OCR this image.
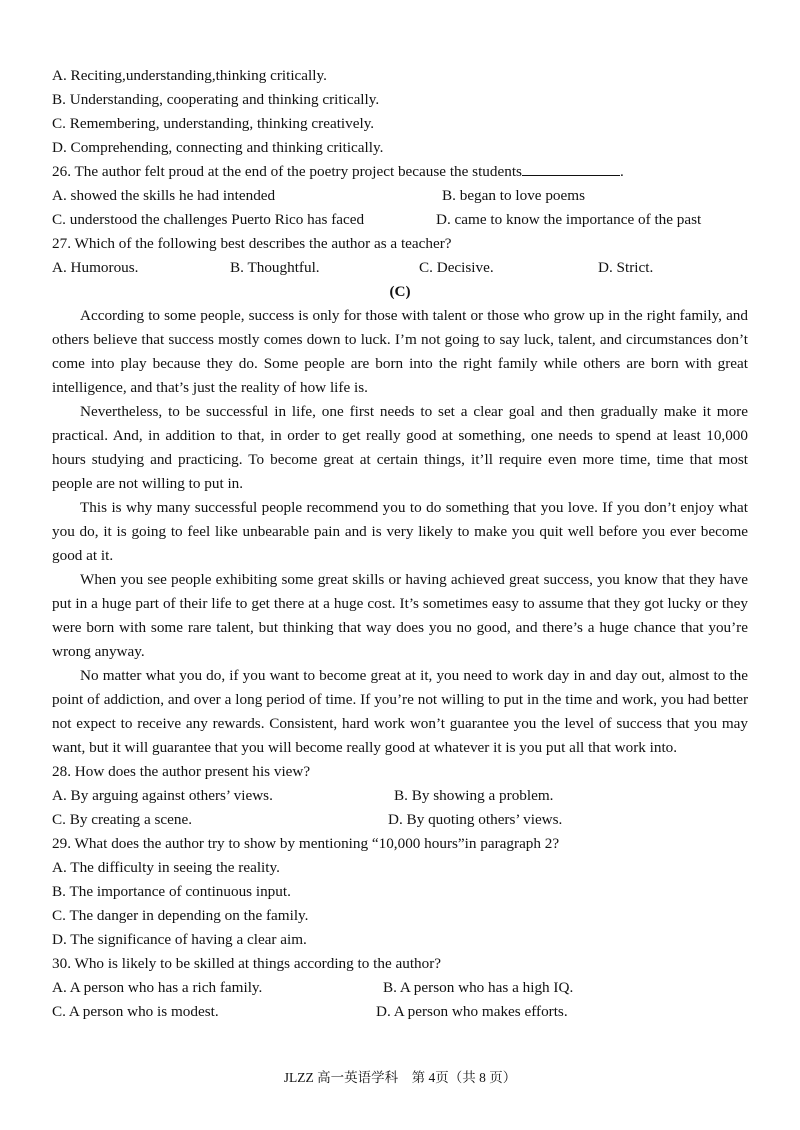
A. Reciting,understanding,thinking critically.
B. Understanding, cooperating and thinking critically.
C. Remembering, understanding, thinking creatively.
D. Comprehending, connecting and thinking critically.
26. The author felt proud at the end of the poetry project because the students	.
A. showed the skills he had intended	B. began to love poems
C. understood the challenges Puerto Rico has faced	D. came to know the importance of the past
27. Which of the following best describes the author as a teacher?
A. Humorous.	B. Thoughtful.	C. Decisive.	D. Strict.
(C)
According to some people, success is only for those with talent or those who grow up in the right family, and others believe that success mostly comes down to luck. I’m not going to say luck, talent, and circumstances don’t come into play because they do. Some people are born into the right family while others are born with great intelligence, and that’s just the reality of how life is.
Nevertheless, to be successful in life, one first needs to set a clear goal and then gradually make it more practical. And, in addition to that, in order to get really good at something, one needs to spend at least 10,000 hours studying and practicing. To become great at certain things, it’ll require even more time, time that most people are not willing to put in.
This is why many successful people recommend you to do something that you love. If you don’t enjoy what you do, it is going to feel like unbearable pain and is very likely to make you quit well before you ever become good at it.
When you see people exhibiting some great skills or having achieved great success, you know that they have put in a huge part of their life to get there at a huge cost. It’s sometimes easy to assume that they got lucky or they were born with some rare talent, but thinking that way does you no good, and there’s a huge chance that you’re wrong anyway.
No matter what you do, if you want to become great at it, you need to work day in and day out, almost to the point of addiction, and over a long period of time. If you’re not willing to put in the time and work, you had better not expect to receive any rewards. Consistent, hard work won’t guarantee you the level of success that you may want, but it will guarantee that you will become really good at whatever it is you put all that work into.
28. How does the author present his view?
A. By arguing against others’ views.	B. By showing a problem.
C. By creating a scene.	D. By quoting others’ views.
29. What does the author try to show by mentioning “10,000 hours”in paragraph 2?
A. The difficulty in seeing the reality.
B. The importance of continuous input.
C. The danger in depending on the family.
D. The significance of having a clear aim.
30. Who is likely to be skilled at things according to the author?
A. A person who has a rich family.	B. A person who has a high IQ.
C. A person who is modest.	D. A person who makes efforts.
JLZZ 高一英语学科　第 4页（共 8 页）
